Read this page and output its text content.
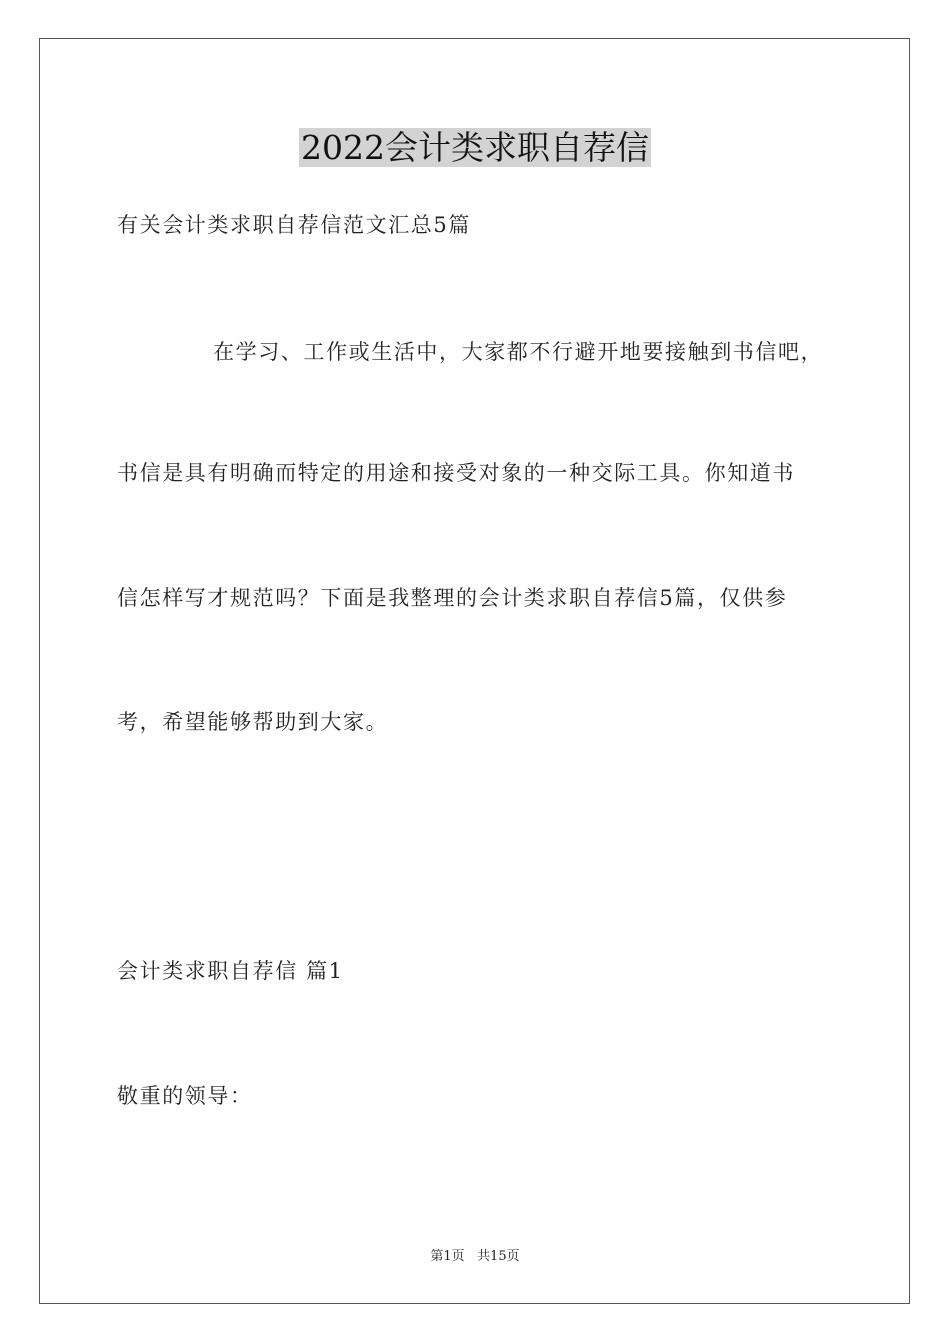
2022会计类求职自荐信
有关会计类求职自荐信范文汇总5篇
在学习、工作或生活中，大家都不行避开地要接触到书信吧，
书信是具有明确而特定的用途和接受对象的一种交际工具。你知道书
信怎样写才规范吗？下面是我整理的会计类求职自荐信5篇，仅供参
考，希望能够帮助到大家。
会计类求职自荐信 篇1
敬重的领导：
第1页   共15页
